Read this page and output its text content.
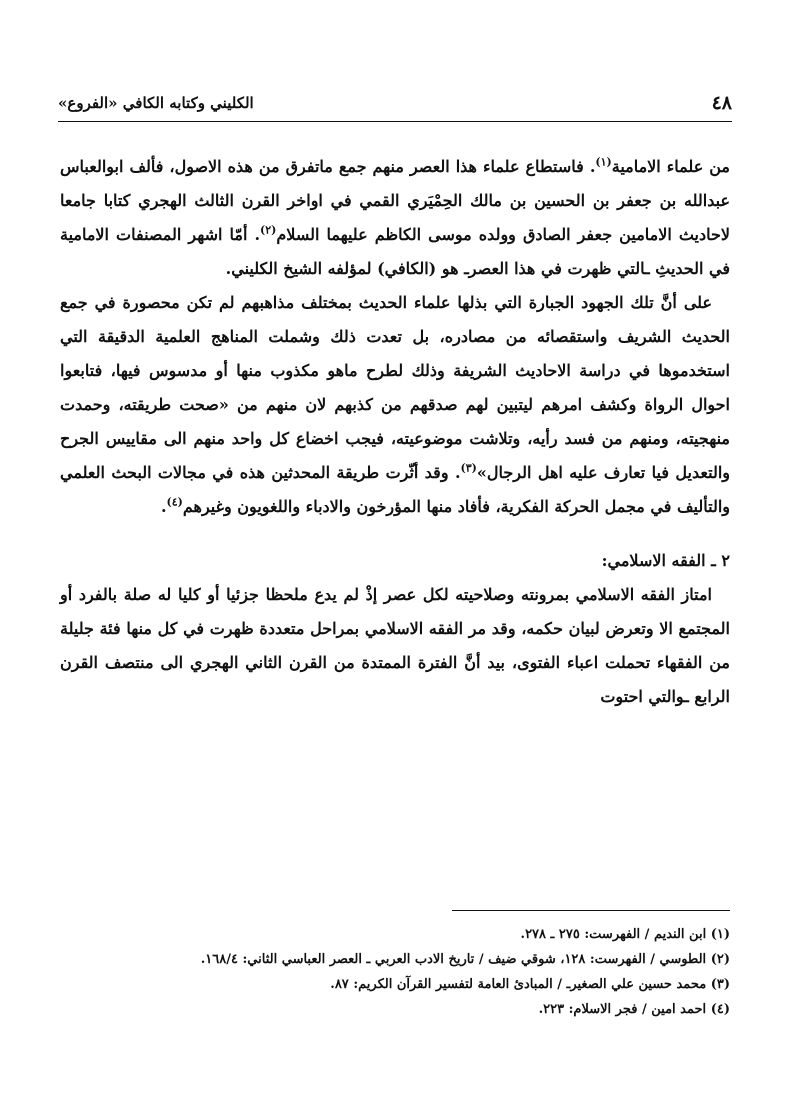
٤٨
الكليني وكتابه الكافي «الفروع»

من علماء الامامية$^{(١)}$. فاستطاع علماء هذا العصر منهم جمع ماتفرق من هذه الاصول، فألف ابوالعباس عبدالله بن جعفر بن الحسين بن مالك الحِمْيَري القمي في اواخر القرن الثالث الهجري كتابا جامعا لاحاديث الامامين جعفر الصادق وولده موسى الكاظم عليهما السلام$^{(٢)}$. أمّا اشهر المصنفات الامامية في الحديثِ ـالتي ظهرت في هذا العصرـ هو (الكافي) لمؤلفه الشيخ الكليني.

على أنَّ تلك الجهود الجبارة التي بذلها علماء الحديث بمختلف مذاهبهم لم تكن محصورة في جمع الحديث الشريف واستقصائه من مصادره، بل تعدت ذلك وشملت المناهج العلمية الدقيقة التي استخدموها في دراسة الاحاديث الشريفة وذلك لطرح ماهو مكذوب منها أو مدسوس فيها، فتابعوا احوال الرواة وكشف امرهم ليتبين لهم صدقهم من كذبهم لان منهم من «صحت طريقته، وحمدت منهجيته، ومنهم من فسد رأيه، وتلاشت موضوعيته، فيجب اخضاع كل واحد منهم الى مقاييس الجرح والتعديل فيا تعارف عليه اهل الرجال»$^{(٣)}$. وقد أثّرت طريقة المحدثين هذه في مجالات البحث العلمي والتأليف في مجمل الحركة الفكرية، فأفاد منها المؤرخون والادباء واللغويون وغيرهم$^{(٤)}$.

٢ ـ الفقه الاسلامي:

امتاز الفقه الاسلامي بمرونته وصلاحيته لكل عصر إذْ لم يدع ملحظا جزئيا أو كليا له صلة بالفرد أو المجتمع الا وتعرض لبيان حكمه، وقد مر الفقه الاسلامي بمراحل متعددة ظهرت في كل منها فئة جليلة من الفقهاء تحملت اعباء الفتوى، بيد أنَّ الفترة الممتدة من القرن الثاني الهجري الى منتصف القرن الرابع ـوالتي احتوت

(١) ابن النديم / الفهرست: ٢٧٥ ـ ٢٧٨.

(٢) الطوسي / الفهرست: ١٢٨، شوقي ضيف / تاريخ الادب العربي ـ العصر العباسي الثاني: ١٦٨/٤.

(٣) محمد حسين علي الصغيرـ / المبادئ العامة لتفسير القرآن الكريم: ٨٧.

(٤) احمد امين / فجر الاسلام: ٢٢٣.
